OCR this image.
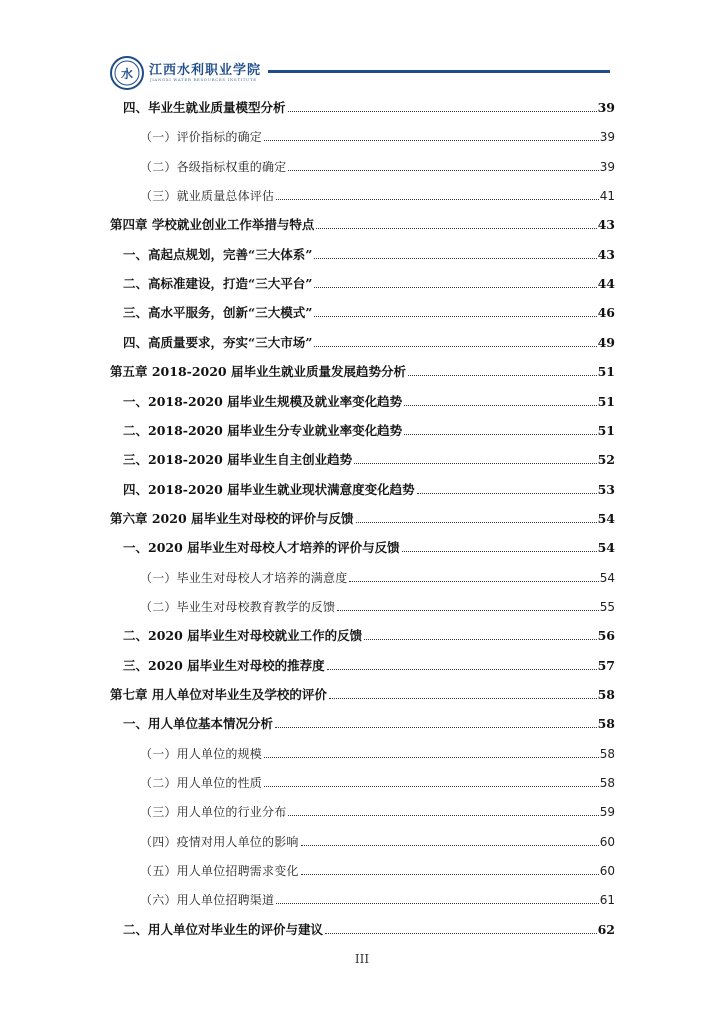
水 江西水利职业学院
JIANGXI WATER RESOURCES INSTITUTE
四、毕业生就业质量模型分析	39
（一）评价指标的确定	39
（二）各级指标权重的确定	39
（三）就业质量总体评估	41
第四章 学校就业创业工作举措与特点	43
一、高起点规划，完善“三大体系”	43
二、高标准建设，打造“三大平台”	44
三、高水平服务，创新“三大模式”	46
四、高质量要求，夯实“三大市场”	49
第五章 2018-2020 届毕业生就业质量发展趋势分析	51
一、2018-2020 届毕业生规模及就业率变化趋势	51
二、2018-2020 届毕业生分专业就业率变化趋势	51
三、2018-2020 届毕业生自主创业趋势	52
四、2018-2020 届毕业生就业现状满意度变化趋势	53
第六章 2020 届毕业生对母校的评价与反馈	54
一、2020 届毕业生对母校人才培养的评价与反馈	54
（一）毕业生对母校人才培养的满意度	54
（二）毕业生对母校教育教学的反馈	55
二、2020 届毕业生对母校就业工作的反馈	56
三、2020 届毕业生对母校的推荐度	57
第七章 用人单位对毕业生及学校的评价	58
一、用人单位基本情况分析	58
（一）用人单位的规模	58
（二）用人单位的性质	58
（三）用人单位的行业分布	59
（四）疫情对用人单位的影响	60
（五）用人单位招聘需求变化	60
（六）用人单位招聘渠道	61
二、用人单位对毕业生的评价与建议	62
III
